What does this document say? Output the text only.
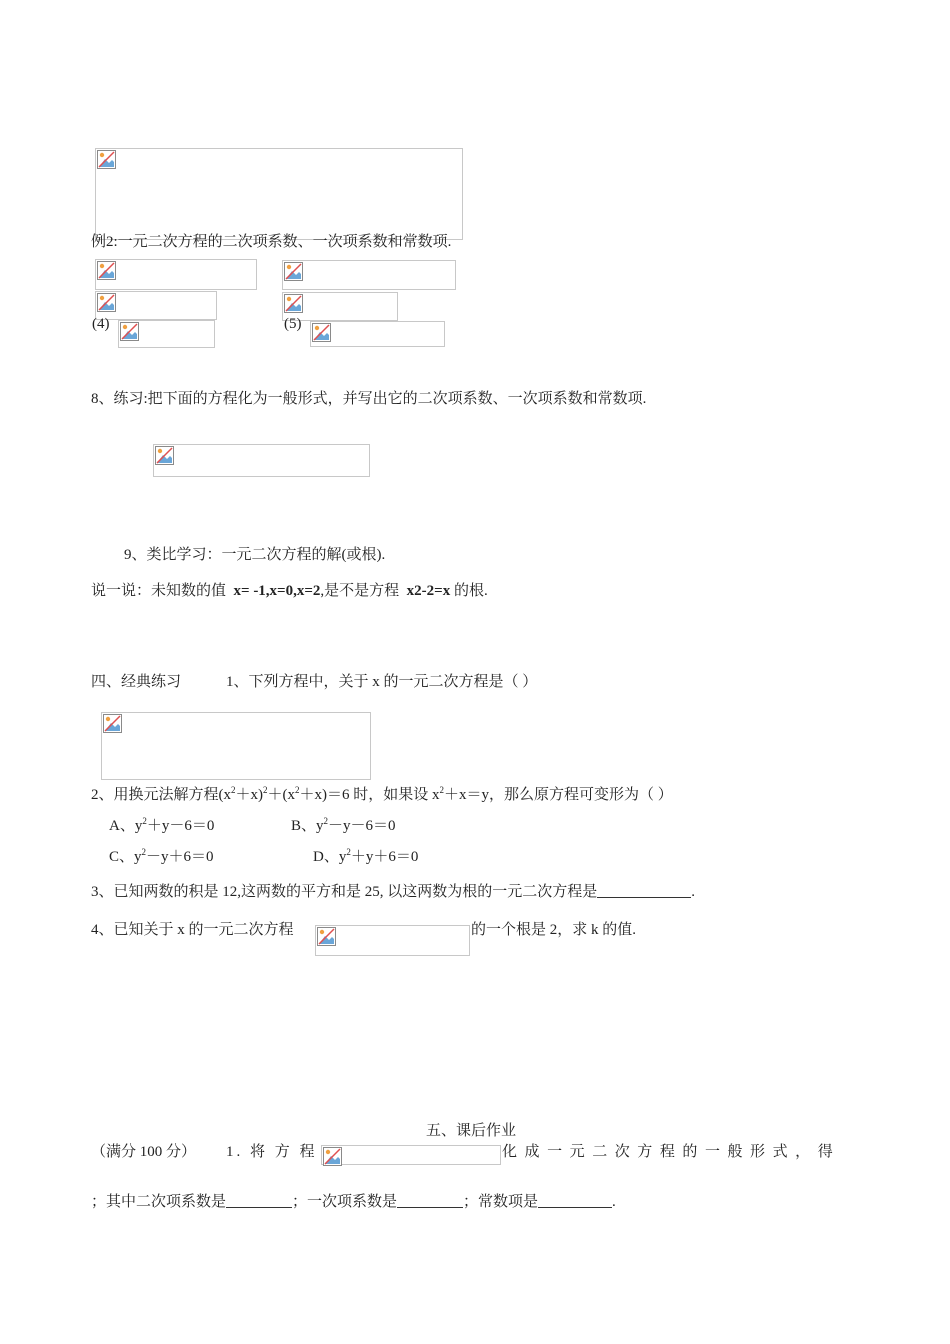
例2:一元二次方程的二次项系数、一次项系数和常数项.
(4)	(5)
8、练习:把下面的方程化为一般形式，并写出它的二次项系数、一次项系数和常数项.
9、类比学习：一元二次方程的解(或根).
说一说：未知数的值 x= -1,x=0,x=2,是不是方程 x2-2=x 的根.
四、经典练习	1、下列方程中，关于 x 的一元二次方程是（ ）
2、用换元法解方程$(x^2+x)^2+(x^2+x)=6$ 时，如果设 $x^2+x=y$，那么原方程可变形为（ ）
A、$y^2+y-6=0$	B、$y^2-y-6=0$
C、$y^2-y+6=0$	D、$y^2+y+6=0$
3、已知两数的积是 12,这两数的平方和是 25, 以这两数为根的一元二次方程是	.
4、已知关于 x 的一元二次方程	的一个根是 2，求 k 的值.
五、课后作业
（满分 100 分） 1. 将 方 程	化 成 一 元 二 次 方 程 的 一 般 形 式 ， 得
；其中二次项系数是	；一次项系数是	；常数项是	.
